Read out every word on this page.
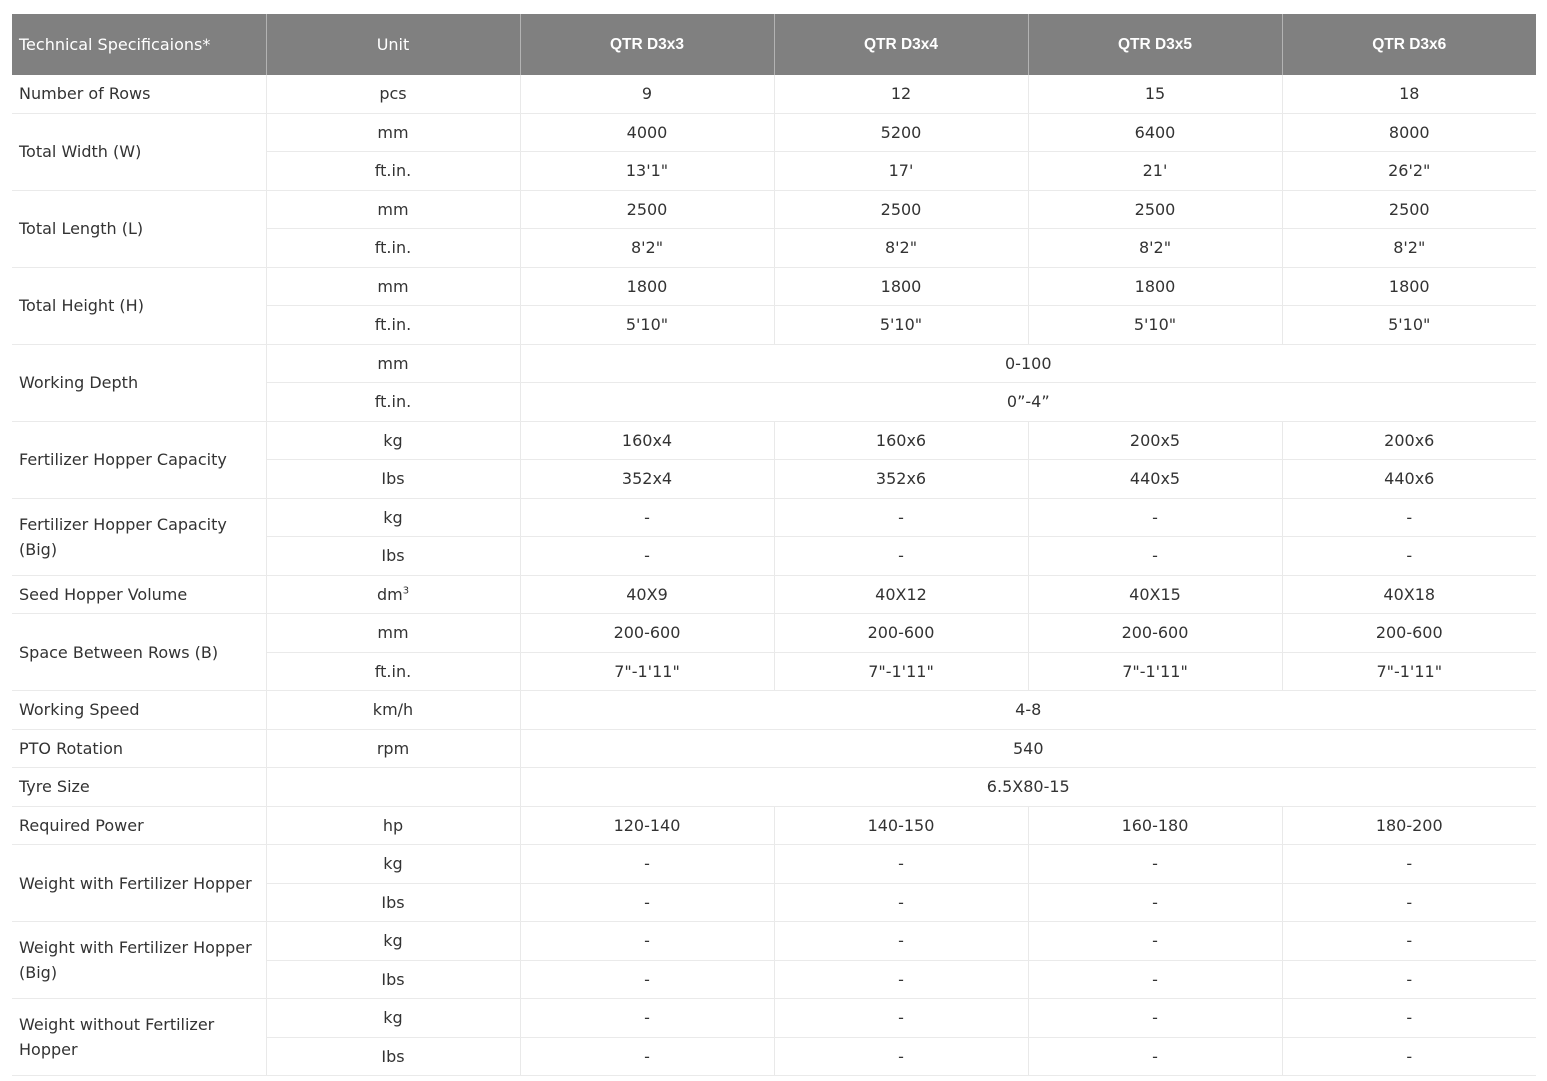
Technical Specificaions*	Unit	QTR D3x3	QTR D3x4	QTR D3x5	QTR D3x6
Number of Rows	pcs	9	12	15	18
Total Width (W)	mm	4000	5200	6400	8000
	ft.in.	13'1"	17'	21'	26'2"
Total Length (L)	mm	2500	2500	2500	2500
	ft.in.	8'2"	8'2"	8'2"	8'2"
Total Height (H)	mm	1800	1800	1800	1800
	ft.in.	5'10"	5'10"	5'10"	5'10"
Working Depth	mm	0-100			
	ft.in.	0”-4”			
Fertilizer Hopper Capacity	kg	160x4	160x6	200x5	200x6
	Ibs	352x4	352x6	440x5	440x6
Fertilizer Hopper Capacity (Big)	kg	-	-	-	-
	Ibs	-	-	-	-
Seed Hopper Volume	$dm^3$	40X9	40X12	40X15	40X18
Space Between Rows (B)	mm	200-600	200-600	200-600	200-600
	ft.in.	7"-1'11"	7"-1'11"	7"-1'11"	7"-1'11"
Working Speed	km/h	4-8			
PTO Rotation	rpm	540			
Tyre Size		6.5X80-15			
Required Power	hp	120-140	140-150	160-180	180-200
Weight with Fertilizer Hopper	kg	-	-	-	-
	Ibs	-	-	-	-
Weight with Fertilizer Hopper (Big)	kg	-	-	-	-
	Ibs	-	-	-	-
Weight without Fertilizer Hopper	kg	-	-	-	-
	Ibs	-	-	-	-
